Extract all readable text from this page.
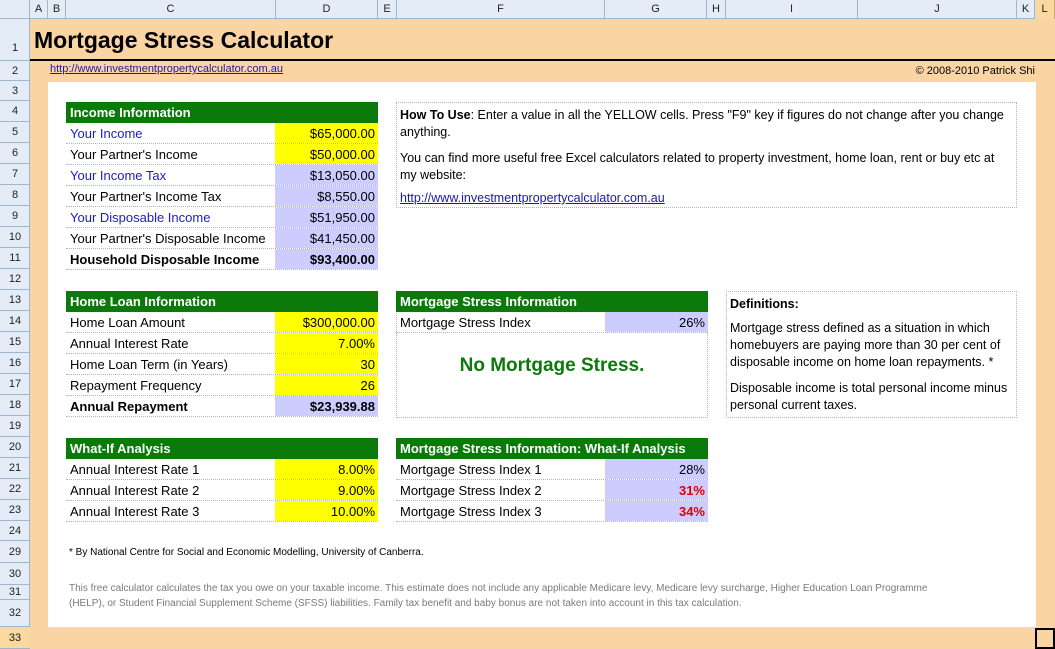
A B	C	D	E	F	G	H	I	J	K	L
1
2
3
4
5
6
7
8
9
10
11
12
13
14
15
16
17
18
19
20
21
22
23
24
29
30
31
32
33
Mortgage Stress Calculator
http://www.investmentpropertycalculator.com.au	© 2008-2010 Patrick Shi
Income Information
Your Income	$65,000.00
Your Partner's Income	$50,000.00
Your Income Tax	$13,050.00
Your Partner's Income Tax	$8,550.00
Your Disposable Income	$51,950.00
Your Partner's Disposable Income	$41,450.00
Household Disposable Income	$93,400.00
How To Use: Enter a value in all the YELLOW cells. Press "F9" key if figures do not change after you change anything.
You can find more useful free Excel calculators related to property investment, home loan, rent or buy etc at my website:
http://www.investmentpropertycalculator.com.au
Home Loan Information
Home Loan Amount	$300,000.00
Annual Interest Rate	7.00%
Home Loan Term (in Years)	30
Repayment Frequency	26
Annual Repayment	$23,939.88
Mortgage Stress Information
Mortgage Stress Index	26%
No Mortgage Stress.
Definitions:
Mortgage stress defined as a situation in which homebuyers are paying more than 30 per cent of disposable income on home loan repayments. *
Disposable income is total personal income minus personal current taxes.
What-If Analysis
Annual Interest Rate 1	8.00%
Annual Interest Rate 2	9.00%
Annual Interest Rate 3	10.00%
Mortgage Stress Information: What-If Analysis
Mortgage Stress Index 1	28%
Mortgage Stress Index 2	31%
Mortgage Stress Index 3	34%
* By National Centre for Social and Economic Modelling, University of Canberra.
This free calculator calculates the tax you owe on your taxable income. This estimate does not include any applicable Medicare levy, Medicare levy surcharge, Higher Education Loan Programme
(HELP), or Student Financial Supplement Scheme (SFSS) liabilities. Family tax benefit and baby bonus are not taken into account in this tax calculation.
